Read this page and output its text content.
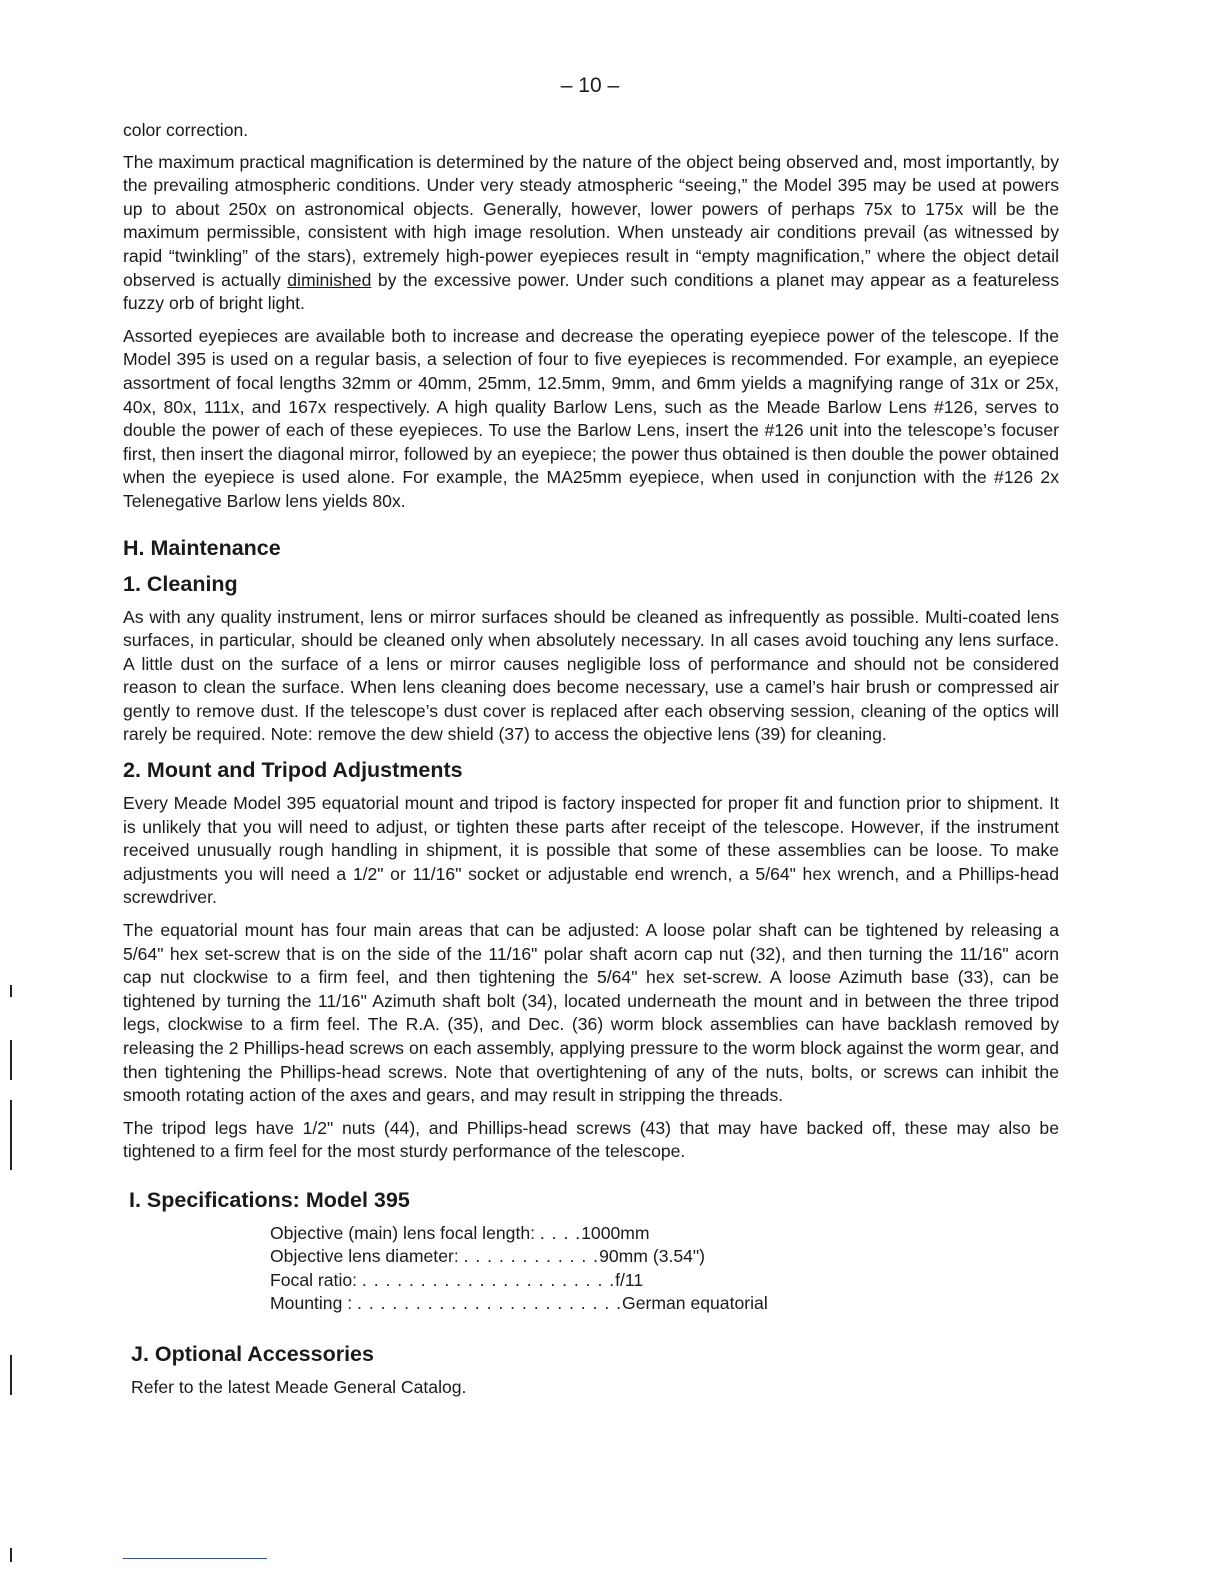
– 10 –

color correction.

The maximum practical magnification is determined by the nature of the object being observed and, most importantly, by the prevailing atmospheric conditions. Under very steady atmospheric “seeing,” the Model 395 may be used at powers up to about 250x on astronomical objects. Generally, however, lower powers of perhaps 75x to 175x will be the maximum permissible, consistent with high image resolution. When unsteady air conditions prevail (as witnessed by rapid “twinkling” of the stars), extremely high-power eyepieces result in “empty magnification,” where the object detail observed is actually diminished by the excessive power. Under such conditions a planet may appear as a featureless fuzzy orb of bright light.

Assorted eyepieces are available both to increase and decrease the operating eyepiece power of the telescope. If the Model 395 is used on a regular basis, a selection of four to five eyepieces is recommended. For example, an eyepiece assortment of focal lengths 32mm or 40mm, 25mm, 12.5mm, 9mm, and 6mm yields a magnifying range of 31x or 25x, 40x, 80x, 111x, and 167x respectively. A high quality Barlow Lens, such as the Meade Barlow Lens #126, serves to double the power of each of these eyepieces. To use the Barlow Lens, insert the #126 unit into the telescope’s focuser first, then insert the diagonal mirror, followed by an eyepiece; the power thus obtained is then double the power obtained when the eyepiece is used alone. For example, the MA25mm eyepiece, when used in conjunction with the #126 2x Telenegative Barlow lens yields 80x.

H. Maintenance
1. Cleaning

As with any quality instrument, lens or mirror surfaces should be cleaned as infrequently as possible. Multi-coated lens surfaces, in particular, should be cleaned only when absolutely necessary. In all cases avoid touching any lens surface. A little dust on the surface of a lens or mirror causes negligible loss of performance and should not be considered reason to clean the surface. When lens cleaning does become necessary, use a camel’s hair brush or compressed air gently to remove dust. If the telescope’s dust cover is replaced after each observing session, cleaning of the optics will rarely be required. Note: remove the dew shield (37) to access the objective lens (39) for cleaning.

2. Mount and Tripod Adjustments

Every Meade Model 395 equatorial mount and tripod is factory inspected for proper fit and function prior to shipment. It is unlikely that you will need to adjust, or tighten these parts after receipt of the telescope. However, if the instrument received unusually rough handling in shipment, it is possible that some of these assemblies can be loose. To make adjustments you will need a 1/2" or 11/16" socket or adjustable end wrench, a 5/64" hex wrench, and a Phillips-head screwdriver.

The equatorial mount has four main areas that can be adjusted: A loose polar shaft can be tightened by releasing a 5/64" hex set-screw that is on the side of the 11/16" polar shaft acorn cap nut (32), and then turning the 11/16" acorn cap nut clockwise to a firm feel, and then tightening the 5/64" hex set-screw. A loose Azimuth base (33), can be tightened by turning the 11/16" Azimuth shaft bolt (34), located underneath the mount and in between the three tripod legs, clockwise to a firm feel. The R.A. (35), and Dec. (36) worm block assemblies can have backlash removed by releasing the 2 Phillips-head screws on each assembly, applying pressure to the worm block against the worm gear, and then tightening the Phillips-head screws. Note that overtightening of any of the nuts, bolts, or screws can inhibit the smooth rotating action of the axes and gears, and may result in stripping the threads.

The tripod legs have 1/2" nuts (44), and Phillips-head screws (43) that may have backed off, these may also be tightened to a firm feel for the most sturdy performance of the telescope.

I. Specifications: Model 395
Objective (main) lens focal length: . . . . 1000mm
Objective lens diameter: . . . . . . . . . . . . 90mm (3.54")
Focal ratio: . . . . . . . . . . . . . . . . . . . . . . f/11
Mounting : . . . . . . . . . . . . . . . . . . . . . . . German equatorial
J. Optional Accessories

Refer to the latest Meade General Catalog.
